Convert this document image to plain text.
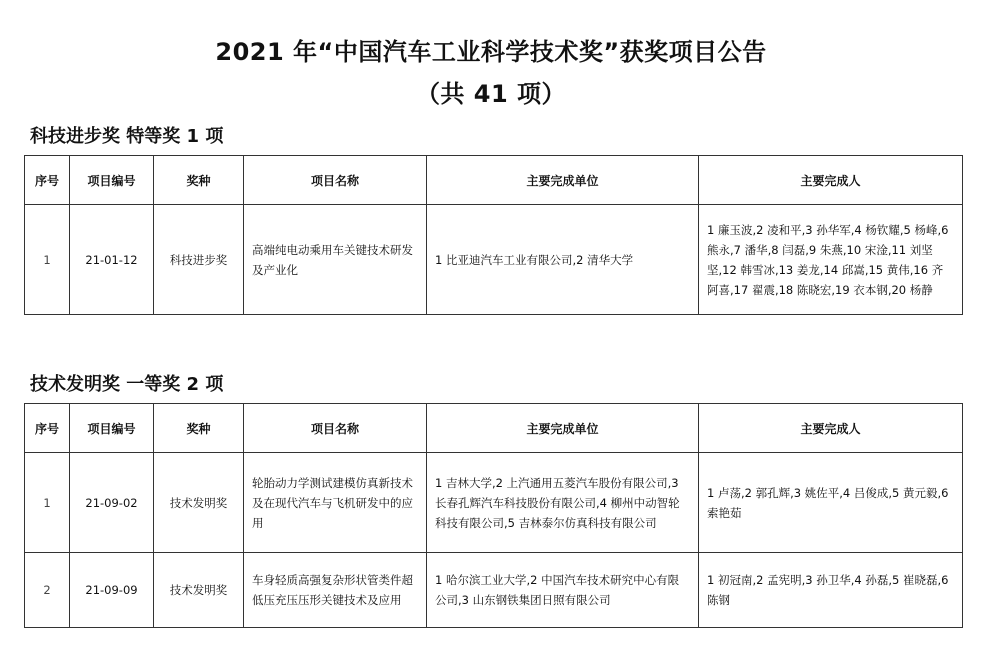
2021 年“中国汽车工业科学技术奖”获奖项目公告
（共 41 项）
科技进步奖 特等奖 1 项
序号	项目编号	奖种	项目名称	主要完成单位	主要完成人
1	21-01-12	科技进步奖	高端纯电动乘用车关键技术研发及产业化	1 比亚迪汽车工业有限公司,2 清华大学	1 廉玉波,2 凌和平,3 孙华军,4 杨钦耀,5 杨峰,6 熊永,7 潘华,8 闫磊,9 朱燕,10 宋淦,11 刘坚坚,12 韩雪冰,13 姜龙,14 邱嵩,15 黄伟,16 齐阿喜,17 翟震,18 陈晓宏,19 衣本钢,20 杨静
技术发明奖 一等奖 2 项
序号	项目编号	奖种	项目名称	主要完成单位	主要完成人
1	21-09-02	技术发明奖	轮胎动力学测试建模仿真新技术及在现代汽车与飞机研发中的应用	1 吉林大学,2 上汽通用五菱汽车股份有限公司,3 长春孔辉汽车科技股份有限公司,4 柳州中动智轮科技有限公司,5 吉林泰尔仿真科技有限公司	1 卢荡,2 郭孔辉,3 姚佐平,4 吕俊成,5 黄元毅,6 索艳茹
2	21-09-09	技术发明奖	车身轻质高强复杂形状管类件超低压充压压形关键技术及应用	1 哈尔滨工业大学,2 中国汽车技术研究中心有限公司,3 山东钢铁集团日照有限公司	1 初冠南,2 孟宪明,3 孙卫华,4 孙磊,5 崔晓磊,6 陈钢
